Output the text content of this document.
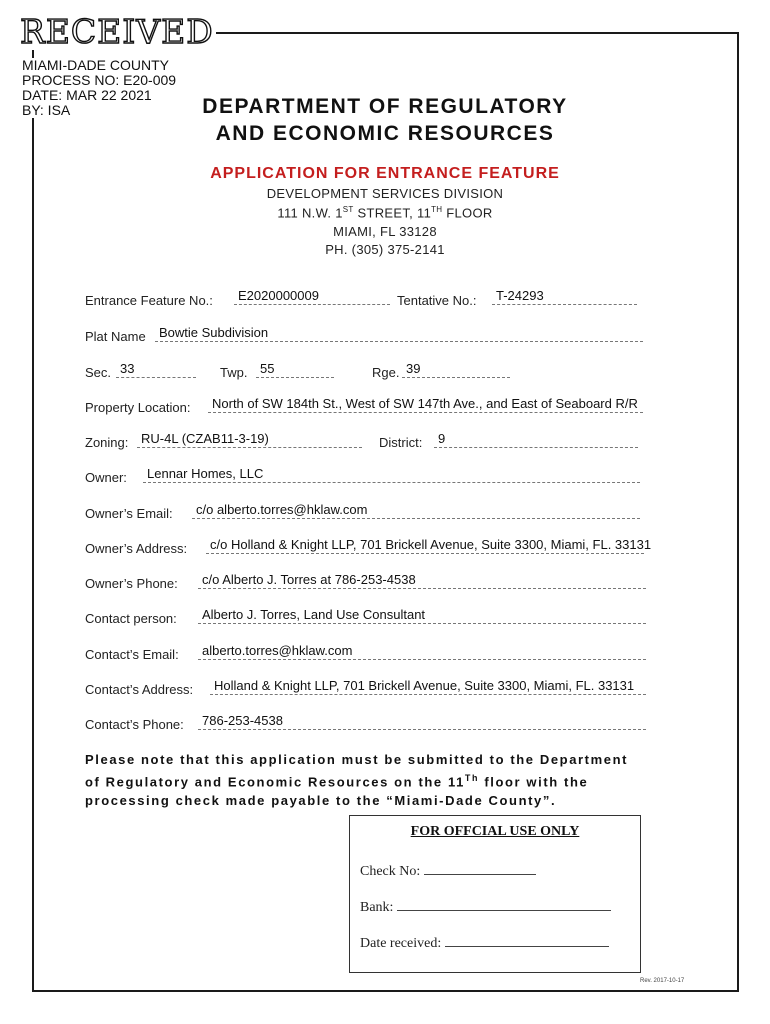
RECEIVED
MIAMI-DADE COUNTY
PROCESS NO: E20-009
DATE: MAR 22 2021
BY: ISA	DEPARTMENT OF REGULATORY
AND ECONOMIC RESOURCES
APPLICATION FOR ENTRANCE FEATURE
DEVELOPMENT SERVICES DIVISION
111 N.W. 1ST STREET, 11TH FLOOR
MIAMI, FL 33128
PH. (305) 375-2141
Entrance Feature No.: E2020000009	Tentative No.: T-24293
Plat Name Bowtie Subdivision
Sec. 33	Twp. 55	Rge. 39
Property Location: North of SW 184th St., West of SW 147th Ave., and East of Seaboard R/R
Zoning: RU-4L (CZAB11-3-19)	District: 9
Owner: Lennar Homes, LLC
Owner’s Email: c/o alberto.torres@hklaw.com
Owner’s Address: c/o Holland & Knight LLP, 701 Brickell Avenue, Suite 3300, Miami, FL. 33131
Owner’s Phone: c/o Alberto J. Torres at 786-253-4538
Contact person: Alberto J. Torres, Land Use Consultant
Contact’s Email: alberto.torres@hklaw.com
Contact’s Address: Holland & Knight LLP, 701 Brickell Avenue, Suite 3300, Miami, FL. 33131
Contact’s Phone: 786-253-4538
Please note that this application must be submitted to the Department of Regulatory and Economic Resources on the 11Th floor with the processing check made payable to the “Miami-Dade County”.
FOR OFFCIAL USE ONLY
Check No:
Bank:
Date received:
Rev. 2017-10-17
